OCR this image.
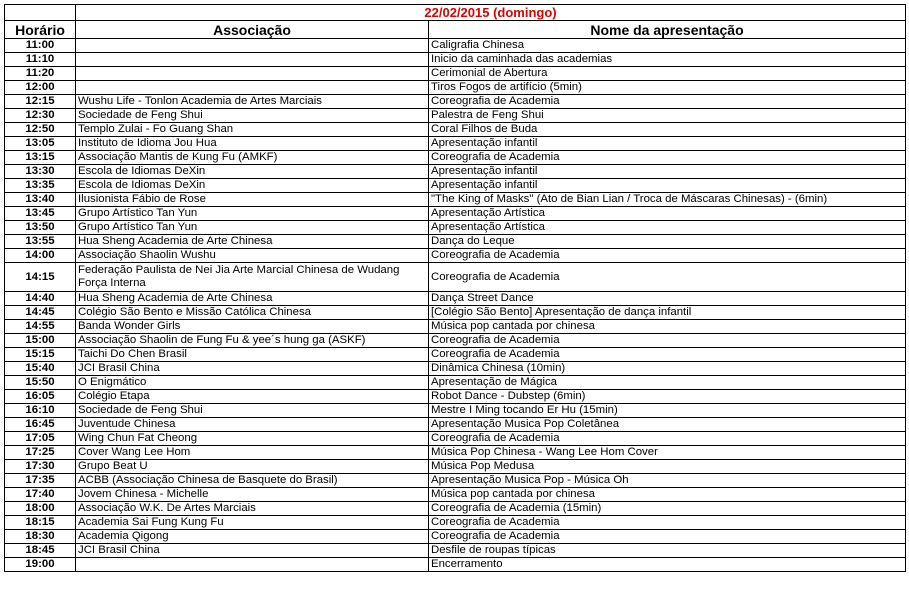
	22/02/2015 (domingo)	
Horário	Associação	Nome da apresentação
11:00		Caligrafia Chinesa
11:10		Inicio da caminhada das academias
11:20		Cerimonial de Abertura
12:00		Tiros Fogos de artifício (5min)
12:15	Wushu Life - Tonlon Academia de Artes Marciais	Coreografia de Academia
12:30	Sociedade de Feng Shui	Palestra de Feng Shui
12:50	Templo Zulai - Fo Guang Shan	Coral Filhos de Buda
13:05	Instituto de Idioma Jou Hua	Apresentação infantil
13:15	Associação Mantis de Kung Fu (AMKF)	Coreografia de Academia
13:30	Escola de Idiomas DeXin	Apresentação infantil
13:35	Escola de Idiomas DeXin	Apresentação infantil
13:40	Ilusionista Fábio de Rose	"The King of Masks" (Ato de Bian Lian / Troca de Máscaras Chinesas) - (6min)
13:45	Grupo Artístico Tan Yun	Apresentação Artística
13:50	Grupo Artístico Tan Yun	Apresentação Artística
13:55	Hua Sheng Academia de Arte Chinesa	Dança do Leque
14:00	Associação Shaolin Wushu	Coreografia de Academia
14:15	Federação Paulista de Nei Jia Arte Marcial Chinesa de Wudang Força Interna	Coreografia de Academia
14:40	Hua Sheng Academia de Arte Chinesa	Dança Street Dance
14:45	Colégio São Bento e Missão Católica Chinesa	[Colégio São Bento] Apresentação de dança infantil
14:55	Banda Wonder Girls	Música pop cantada por chinesa
15:00	Associação Shaolin de Fung Fu & yee´s hung ga (ASKF)	Coreografia de Academia
15:15	Taichi Do Chen Brasil	Coreografia de Academia
15:40	JCI Brasil China	Dinâmica Chinesa (10min)
15:50	O Enigmático	Apresentação de Mágica
16:05	Colégio Etapa	Robot Dance - Dubstep (6min)
16:10	Sociedade de Feng Shui	Mestre I Ming tocando Er Hu (15min)
16:45	Juventude Chinesa	Apresentação Musica Pop Coletânea
17:05	Wing Chun Fat Cheong	Coreografia de Academia
17:25	Cover Wang Lee Hom	Música Pop Chinesa - Wang Lee Hom Cover
17:30	Grupo Beat U	Música Pop Medusa
17:35	ACBB (Associação Chinesa de Basquete do Brasil)	Apresentação Musica Pop - Música Oh
17:40	Jovem Chinesa - Michelle	Música pop cantada por chinesa
18:00	Associação W.K. De Artes Marciais	Coreografia de Academia (15min)
18:15	Academia Sai Fung Kung Fu	Coreografia de Academia
18:30	Academia Qigong	Coreografia de Academia
18:45	JCI Brasil China	Desfile de roupas típicas
19:00		Encerramento
